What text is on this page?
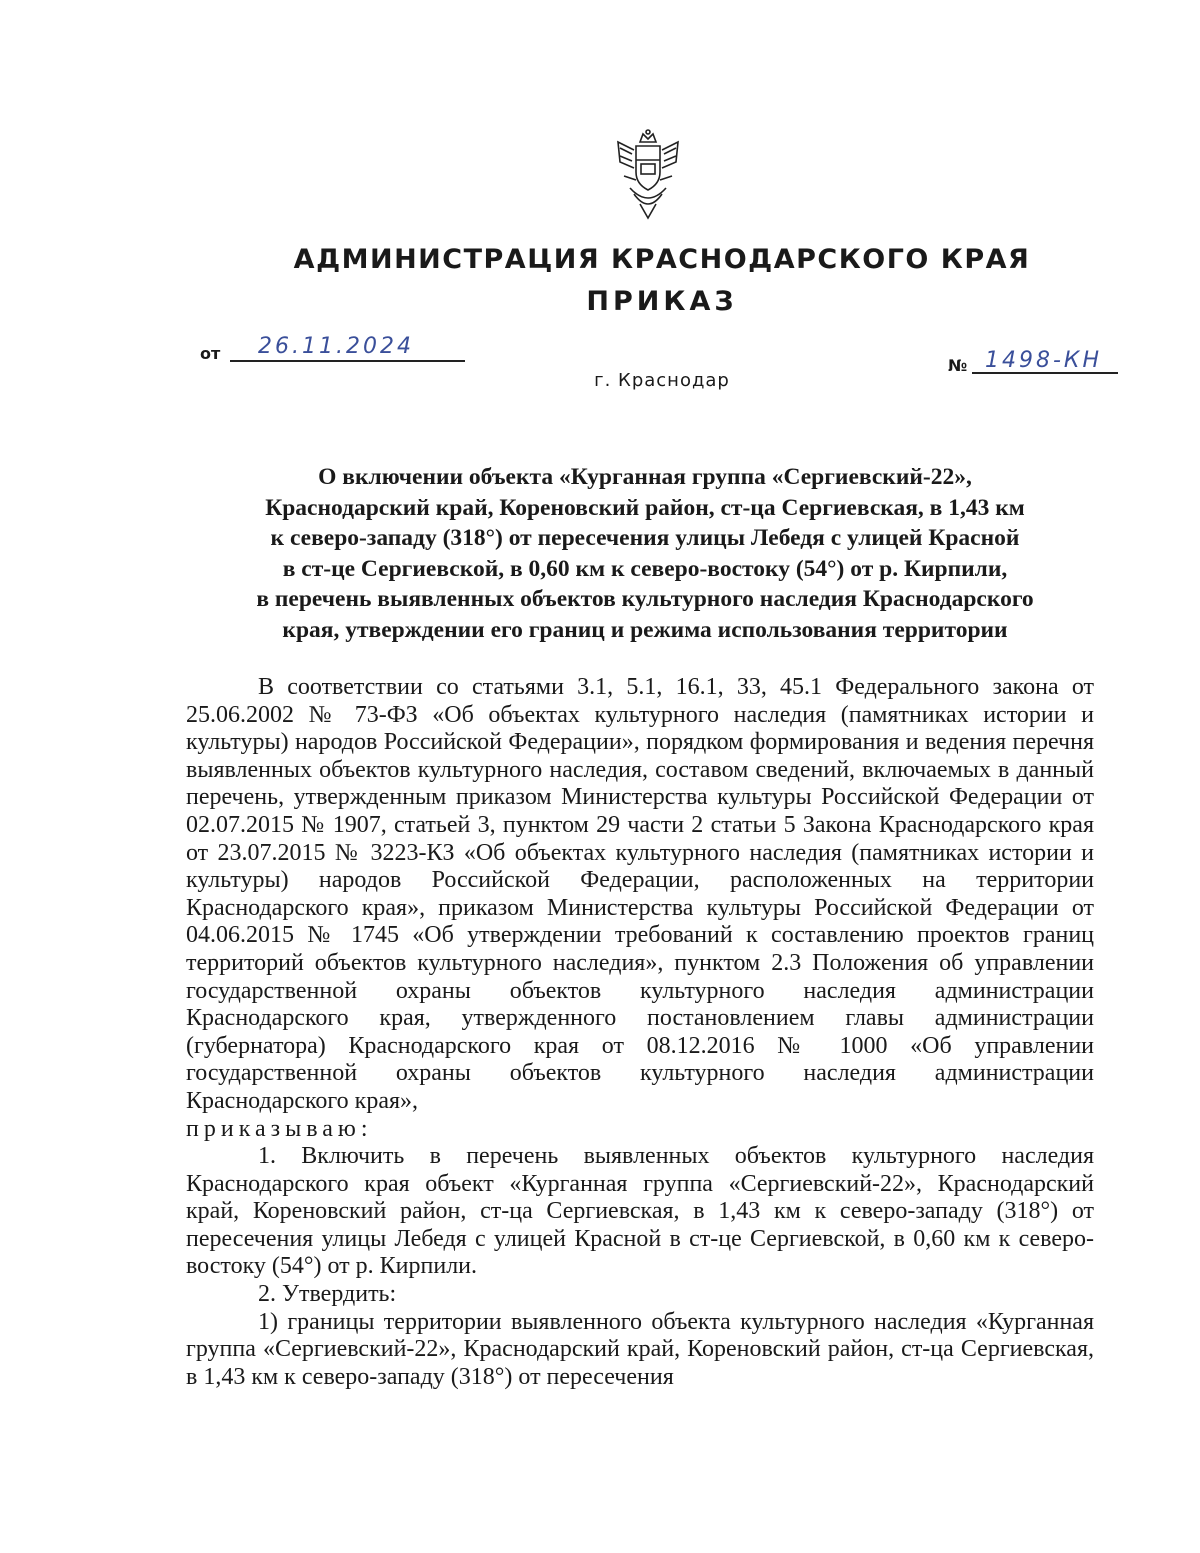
АДМИНИСТРАЦИЯ КРАСНОДАРСКОГО КРАЯ
ПРИКАЗ
от 26.11.2024
№ 1498-КН
г. Краснодар
О включении объекта «Курганная группа «Сергиевский-22»,
Краснодарский край, Кореновский район, ст-ца Сергиевская, в 1,43 км
к северо-западу (318°) от пересечения улицы Лебедя с улицей Красной
в ст-це Сергиевской, в 0,60 км к северо-востоку (54°) от р. Кирпили,
в перечень выявленных объектов культурного наследия Краснодарского
края, утверждении его границ и режима использования территории

В соответствии со статьями 3.1, 5.1, 16.1, 33, 45.1 Федерального закона от 25.06.2002 № 73-ФЗ «Об объектах культурного наследия (памятниках истории и культуры) народов Российской Федерации», порядком формирования и ведения перечня выявленных объектов культурного наследия, составом сведений, включаемых в данный перечень, утвержденным приказом Министерства культуры Российской Федерации от 02.07.2015 № 1907, статьей 3, пунктом 29 части 2 статьи 5 Закона Краснодарского края от 23.07.2015 № 3223-КЗ «Об объектах культурного наследия (памятниках истории и культуры) народов Российской Федерации, расположенных на территории Краснодарского края», приказом Министерства культуры Российской Федерации от 04.06.2015 № 1745 «Об утверждении требований к составлению проектов границ территорий объектов культурного наследия», пунктом 2.3 Положения об управлении государственной охраны объектов культурного наследия администрации Краснодарского края, утвержденного постановлением главы администрации (губернатора) Краснодарского края от 08.12.2016 № 1000 «Об управлении государственной охраны объектов культурного наследия администрации Краснодарского края»,

приказываю:

1. Включить в перечень выявленных объектов культурного наследия Краснодарского края объект «Курганная группа «Сергиевский-22», Краснодарский край, Кореновский район, ст-ца Сергиевская, в 1,43 км к северо-западу (318°) от пересечения улицы Лебедя с улицей Красной в ст-це Сергиевской, в 0,60 км к северо-востоку (54°) от р. Кирпили.

2. Утвердить:

1) границы территории выявленного объекта культурного наследия «Курганная группа «Сергиевский-22», Краснодарский край, Кореновский район, ст-ца Сергиевская, в 1,43 км к северо-западу (318°) от пересечения
